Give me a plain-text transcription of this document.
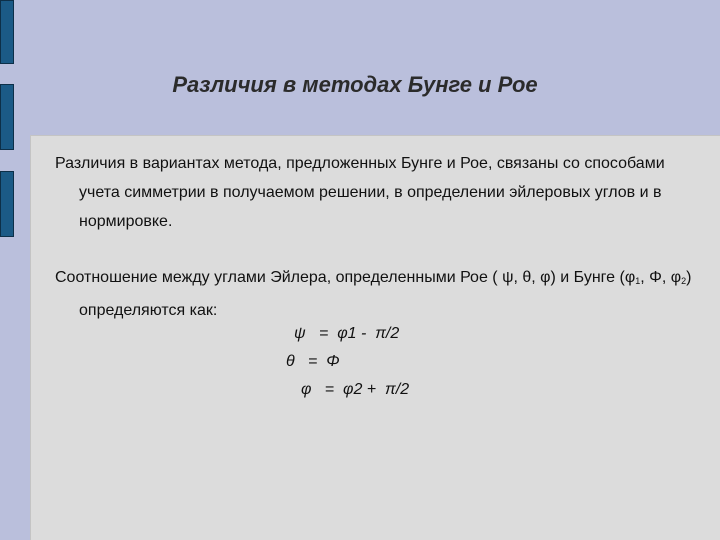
Различия в методах Бунге и Рое
Различия в вариантах метода, предложенных Бунге и Рое, связаны со способами учета симметрии в получаемом решении, в определении эйлеровых углов и в нормировке.
Соотношение между углами Эйлера, определенными Рое ( ψ, θ, φ) и Бунге ($\varphi_1$, Φ, $\varphi_2$) определяются как:
ψ   =  φ1 -  π/2
θ   =  Φ
φ   =  φ2 +  π/2
